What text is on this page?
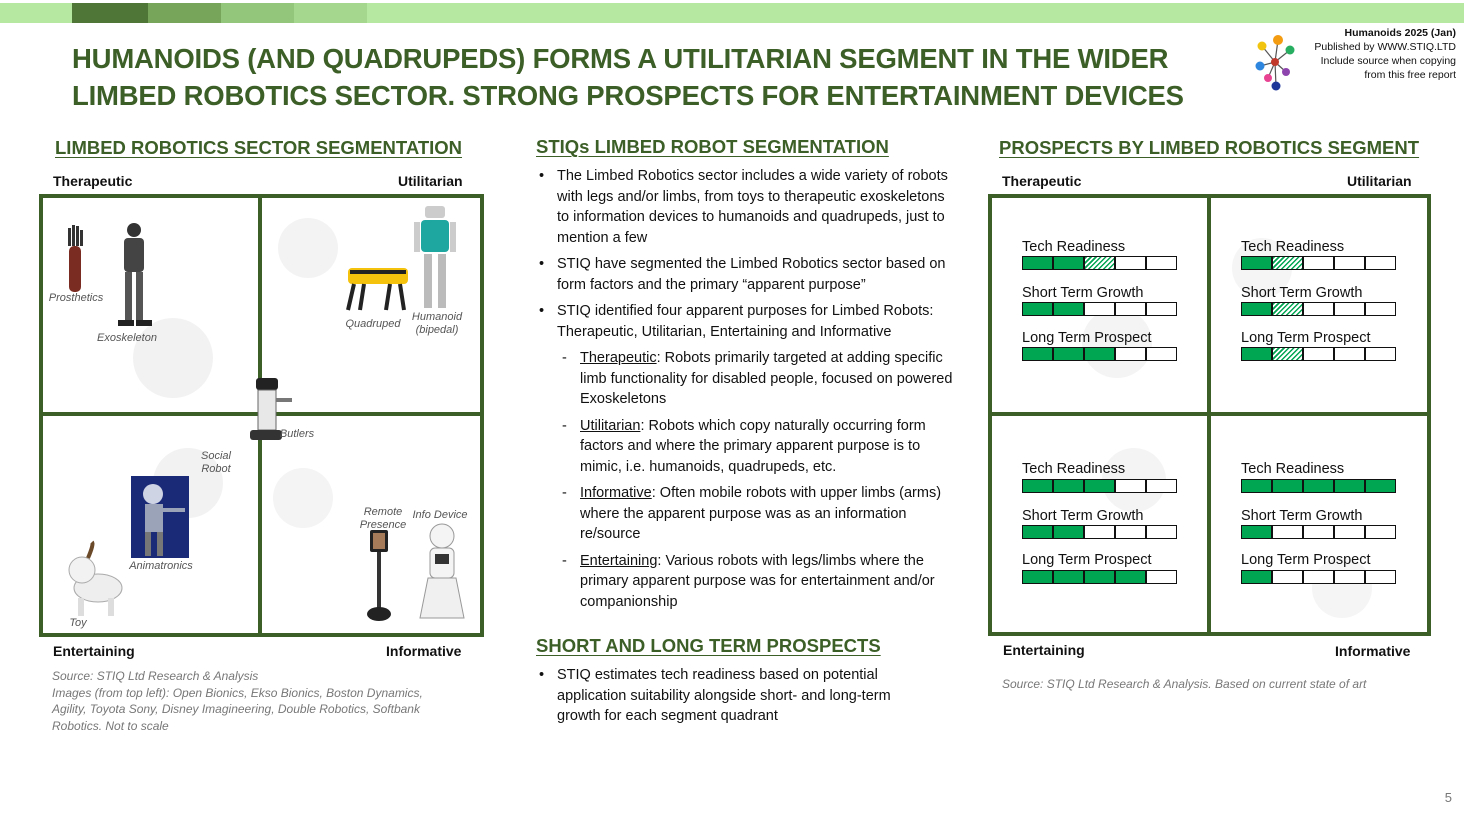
HUMANOIDS (AND QUADRUPEDS) FORMS A UTILITARIAN SEGMENT IN THE WIDER LIMBED ROBOTICS SECTOR. STRONG PROSPECTS FOR ENTERTAINMENT DEVICES
Humanoids 2025 (Jan)
Published by WWW.STIQ.LTD
Include source when copying
from this free report
LIMBED ROBOTICS SECTOR SEGMENTATION
Therapeutic	Utilitarian
Entertaining	Informative
Prosthetics
Exoskeleton
Quadruped
Humanoid
(bipedal)
Butlers
Social
Robot
Animatronics
Toy
Remote
Presence
Info Device
Source: STIQ Ltd Research & Analysis
Images (from top left): Open Bionics, Ekso Bionics, Boston Dynamics, Agility, Toyota Sony, Disney Imagineering, Double Robotics, Softbank Robotics. Not to scale
STIQs LIMBED ROBOT SEGMENTATION
• The Limbed Robotics sector includes a wide variety of robots with legs and/or limbs, from toys to therapeutic exoskeletons to information devices to humanoids and quadrupeds, just to mention a few
• STIQ have segmented the Limbed Robotics sector based on form factors and the primary “apparent purpose”
• STIQ identified four apparent purposes for Limbed Robots: Therapeutic, Utilitarian, Entertaining and Informative
- Therapeutic: Robots primarily targeted at adding specific limb functionality for disabled people, focused on powered Exoskeletons
- Utilitarian: Robots which copy naturally occurring form factors and where the primary apparent purpose is to mimic, i.e. humanoids, quadrupeds, etc.
- Informative: Often mobile robots with upper limbs (arms) where the apparent purpose was as an information re/source
- Entertaining: Various robots with legs/limbs where the primary apparent purpose was for entertainment and/or companionship
SHORT AND LONG TERM PROSPECTS
• STIQ estimates tech readiness based on potential application suitability alongside short- and long-term growth for each segment quadrant
PROSPECTS BY LIMBED ROBOTICS SEGMENT
Therapeutic	Utilitarian
Entertaining	Informative
Tech Readiness
Short Term Growth
Long Term Prospect
Tech Readiness
Short Term Growth
Long Term Prospect
Tech Readiness
Short Term Growth
Long Term Prospect
Tech Readiness
Short Term Growth
Long Term Prospect
Source: STIQ Ltd Research & Analysis. Based on current state of art
5
